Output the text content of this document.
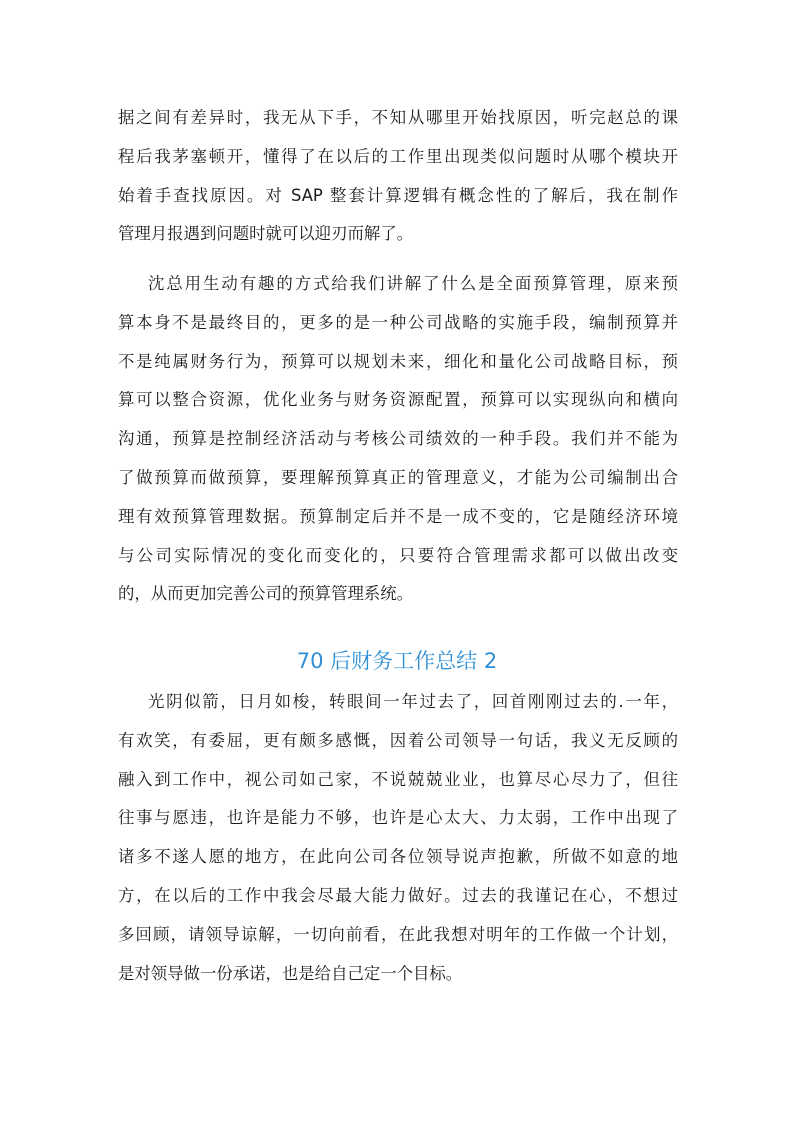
据之间有差异时，我无从下手，不知从哪里开始找原因，听完赵总的课
程后我茅塞顿开，懂得了在以后的工作里出现类似问题时从哪个模块开
始着手查找原因。对 SAP 整套计算逻辑有概念性的了解后，我在制作
管理月报遇到问题时就可以迎刃而解了。
沈总用生动有趣的方式给我们讲解了什么是全面预算管理，原来预
算本身不是最终目的，更多的是一种公司战略的实施手段，编制预算并
不是纯属财务行为，预算可以规划未来，细化和量化公司战略目标，预
算可以整合资源，优化业务与财务资源配置，预算可以实现纵向和横向
沟通，预算是控制经济活动与考核公司绩效的一种手段。我们并不能为
了做预算而做预算，要理解预算真正的管理意义，才能为公司编制出合
理有效预算管理数据。预算制定后并不是一成不变的，它是随经济环境
与公司实际情况的变化而变化的，只要符合管理需求都可以做出改变
的，从而更加完善公司的预算管理系统。
70 后财务工作总结 2
光阴似箭，日月如梭，转眼间一年过去了，回首刚刚过去的.一年，
有欢笑，有委屈，更有颇多感慨，因着公司领导一句话，我义无反顾的
融入到工作中，视公司如己家，不说兢兢业业，也算尽心尽力了，但往
往事与愿违，也许是能力不够，也许是心太大、力太弱，工作中出现了
诸多不遂人愿的地方，在此向公司各位领导说声抱歉，所做不如意的地
方，在以后的工作中我会尽最大能力做好。过去的我谨记在心，不想过
多回顾，请领导谅解，一切向前看，在此我想对明年的工作做一个计划，
是对领导做一份承诺，也是给自己定一个目标。
